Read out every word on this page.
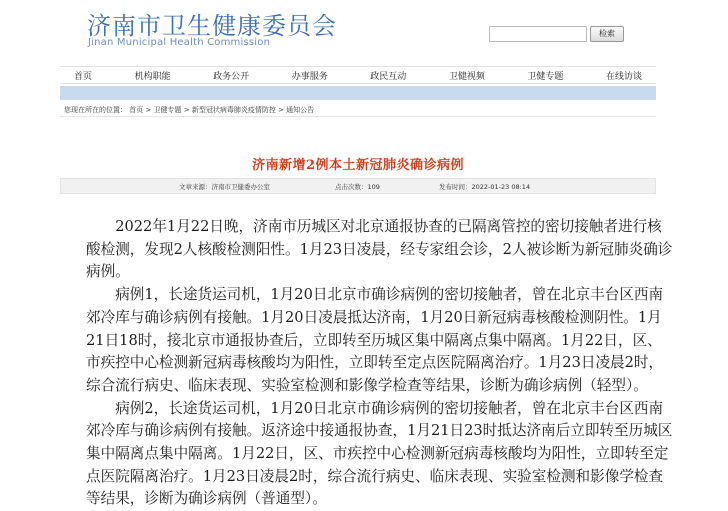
济南市卫生健康委员会
Jinan Municipal Health Commission
检索
首页	机构职能	政务公开	办事服务	政民互动	卫健视频	卫健专题	在线访谈
您现在所在的位置： 首页 > 卫健专题 > 新型冠状病毒肺炎疫情防控 > 通知公告
济南新增2例本土新冠肺炎确诊病例
文章来源：济南市卫健委办公室	点击次数：109	发布时间：2022-01-23 08:14

2022年1月22日晚，济南市历城区对北京通报协查的已隔离管控的密切接触者进行核酸检测，发现2人核酸检测阳性。1月23日凌晨，经专家组会诊，2人被诊断为新冠肺炎确诊病例。

病例1，长途货运司机，1月20日北京市确诊病例的密切接触者，曾在北京丰台区西南郊冷库与确诊病例有接触。1月20日凌晨抵达济南，1月20日新冠病毒核酸检测阴性。1月21日18时，接北京市通报协查后，立即转至历城区集中隔离点集中隔离。1月22日，区、市疾控中心检测新冠病毒核酸均为阳性，立即转至定点医院隔离治疗。1月23日凌晨2时，综合流行病史、临床表现、实验室检测和影像学检查等结果，诊断为确诊病例（轻型）。

病例2，长途货运司机，1月20日北京市确诊病例的密切接触者，曾在北京丰台区西南郊冷库与确诊病例有接触。返济途中接通报协查，1月21日23时抵达济南后立即转至历城区集中隔离点集中隔离。1月22日，区、市疾控中心检测新冠病毒核酸均为阳性，立即转至定点医院隔离治疗。1月23日凌晨2时，综合流行病史、临床表现、实验室检测和影像学检查等结果，诊断为确诊病例（普通型）。
